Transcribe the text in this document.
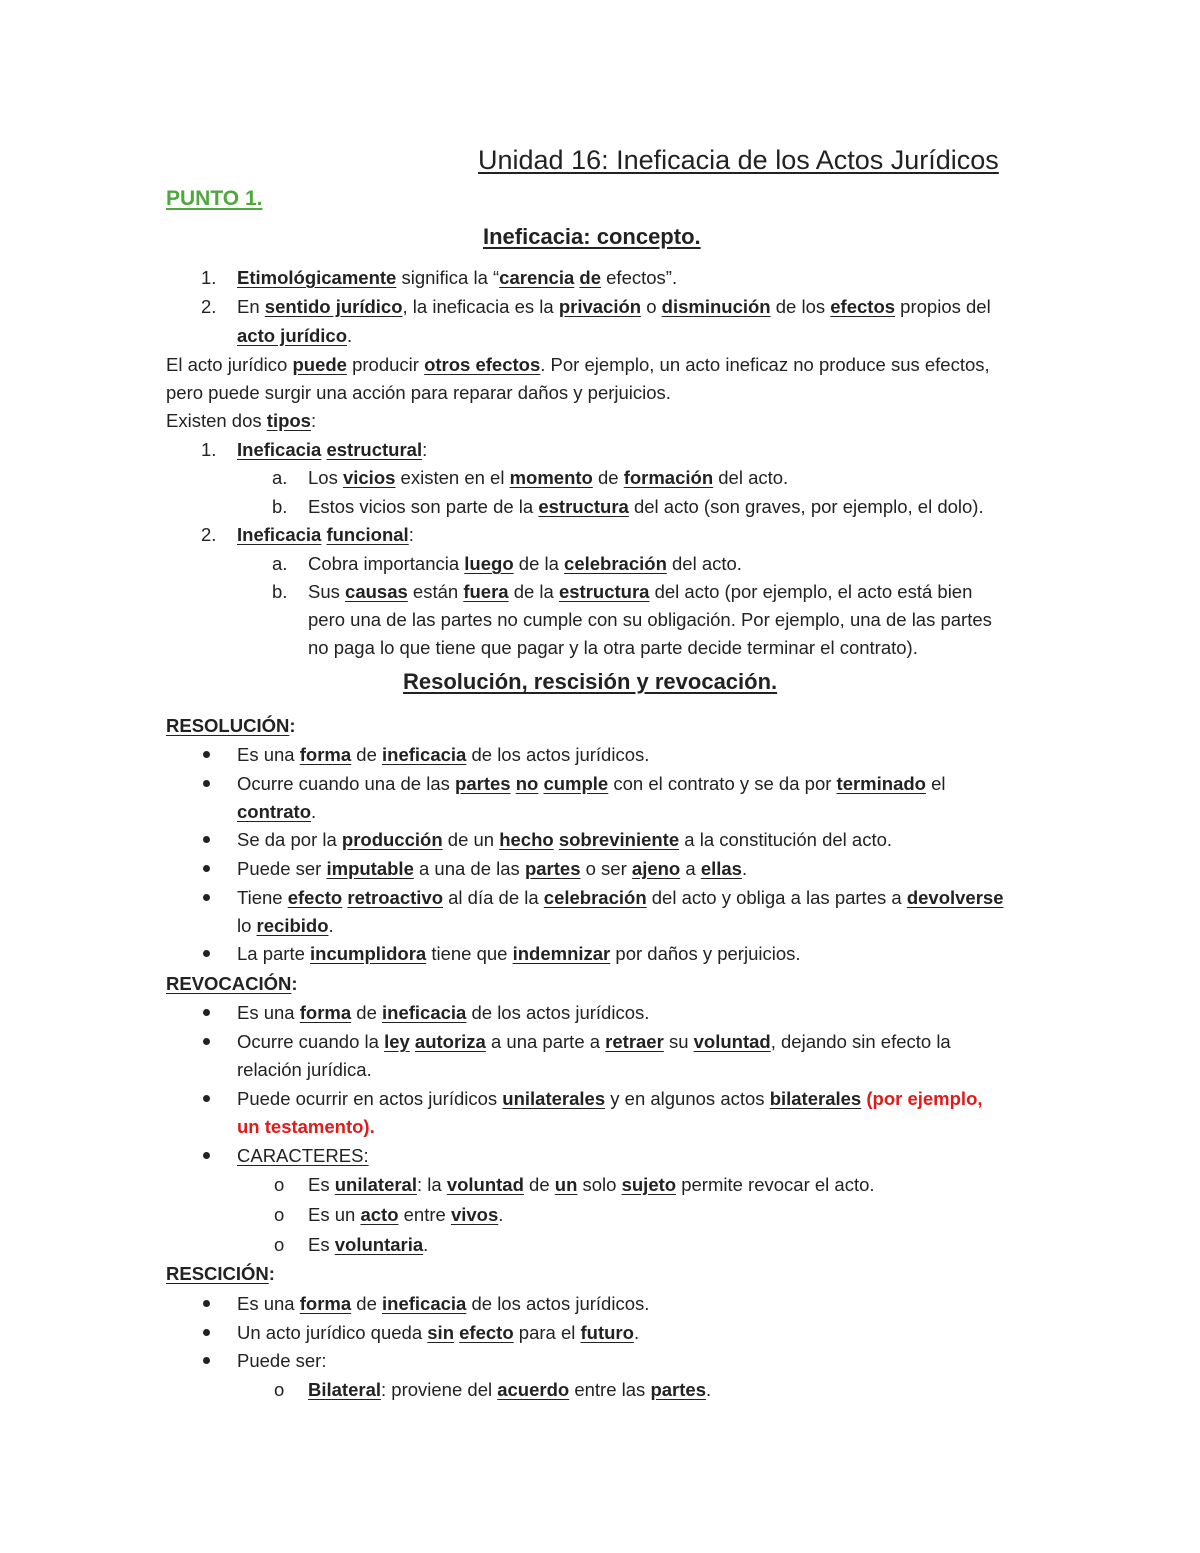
Unidad 16: Ineficacia de los Actos Jurídicos
PUNTO 1.
Ineficacia: concepto.
1. Etimológicamente significa la “carencia de efectos”.
2. En sentido jurídico, la ineficacia es la privación o disminución de los efectos propios del
acto jurídico.
El acto jurídico puede producir otros efectos. Por ejemplo, un acto ineficaz no produce sus efectos,
pero puede surgir una acción para reparar daños y perjuicios.
Existen dos tipos:
1. Ineficacia estructural:
a. Los vicios existen en el momento de formación del acto.
b. Estos vicios son parte de la estructura del acto (son graves, por ejemplo, el dolo).
2. Ineficacia funcional:
a. Cobra importancia luego de la celebración del acto.
b. Sus causas están fuera de la estructura del acto (por ejemplo, el acto está bien
pero una de las partes no cumple con su obligación. Por ejemplo, una de las partes
no paga lo que tiene que pagar y la otra parte decide terminar el contrato).
Resolución, rescisión y revocación.
RESOLUCIÓN:
Es una forma de ineficacia de los actos jurídicos.
Ocurre cuando una de las partes no cumple con el contrato y se da por terminado el
contrato.
Se da por la producción de un hecho sobreviniente a la constitución del acto.
Puede ser imputable a una de las partes o ser ajeno a ellas.
Tiene efecto retroactivo al día de la celebración del acto y obliga a las partes a devolverse
lo recibido.
La parte incumplidora tiene que indemnizar por daños y perjuicios.
REVOCACIÓN:
Es una forma de ineficacia de los actos jurídicos.
Ocurre cuando la ley autoriza a una parte a retraer su voluntad, dejando sin efecto la
relación jurídica.
Puede ocurrir en actos jurídicos unilaterales y en algunos actos bilaterales (por ejemplo,
un testamento).
CARACTERES:
o Es unilateral: la voluntad de un solo sujeto permite revocar el acto.
o Es un acto entre vivos.
o Es voluntaria.
RESCICIÓN:
Es una forma de ineficacia de los actos jurídicos.
Un acto jurídico queda sin efecto para el futuro.
Puede ser:
o Bilateral: proviene del acuerdo entre las partes.
